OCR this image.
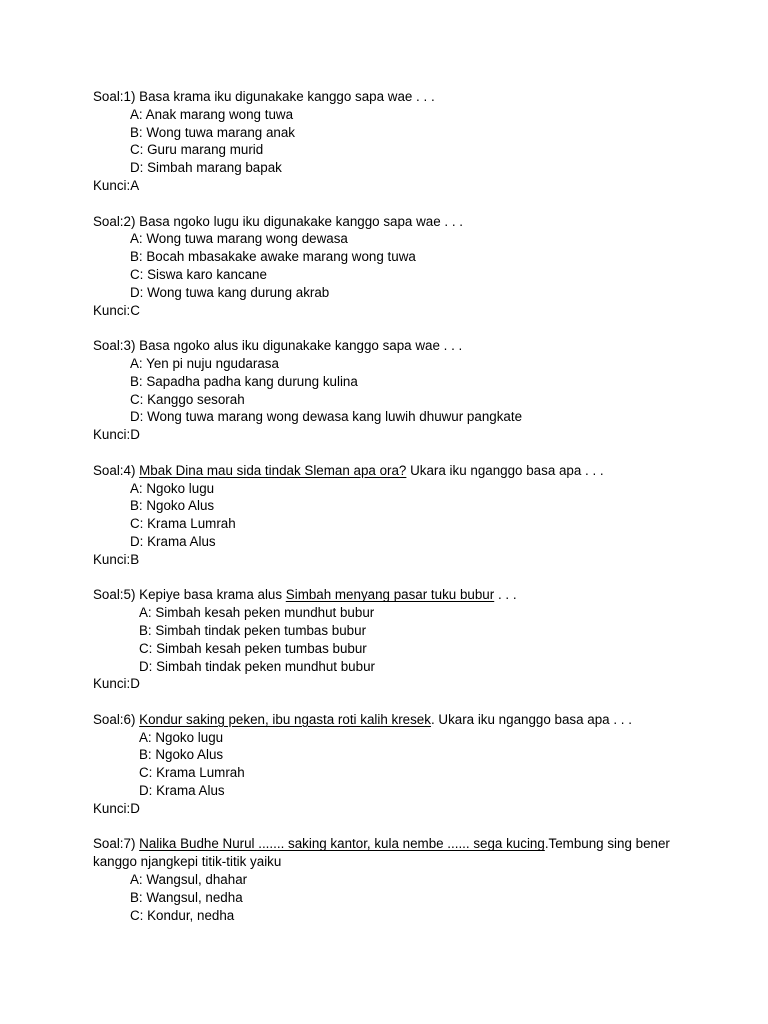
Soal:1) Basa krama iku digunakake kanggo sapa wae . . .
A: Anak marang wong tuwa
B: Wong tuwa marang anak
C: Guru marang murid
D: Simbah marang bapak
Kunci:A
Soal:2) Basa ngoko lugu iku digunakake kanggo sapa wae . . .
A: Wong tuwa marang wong dewasa
B: Bocah mbasakake awake marang wong tuwa
C: Siswa karo kancane
D: Wong tuwa kang durung akrab
Kunci:C
Soal:3) Basa ngoko alus iku digunakake kanggo sapa wae . . .
A: Yen pi nuju ngudarasa
B: Sapadha padha kang durung kulina
C: Kanggo sesorah
D: Wong tuwa marang wong dewasa kang luwih dhuwur pangkate
Kunci:D
Soal:4) Mbak Dina mau sida tindak Sleman apa ora? Ukara iku nganggo basa apa . . .
A: Ngoko lugu
B: Ngoko Alus
C: Krama Lumrah
D: Krama Alus
Kunci:B
Soal:5) Kepiye basa krama alus Simbah menyang pasar tuku bubur . . .
A: Simbah kesah peken mundhut bubur
B: Simbah tindak peken tumbas bubur
C: Simbah kesah peken tumbas bubur
D: Simbah tindak peken mundhut bubur
Kunci:D
Soal:6) Kondur saking peken, ibu ngasta roti kalih kresek. Ukara iku nganggo basa apa . . .
A: Ngoko lugu
B: Ngoko Alus
C: Krama Lumrah
D: Krama Alus
Kunci:D
Soal:7) Nalika Budhe Nurul ....... saking kantor, kula nembe ...... sega kucing.Tembung sing bener kanggo njangkepi titik-titik yaiku
A: Wangsul, dhahar
B: Wangsul, nedha
C: Kondur, nedha
